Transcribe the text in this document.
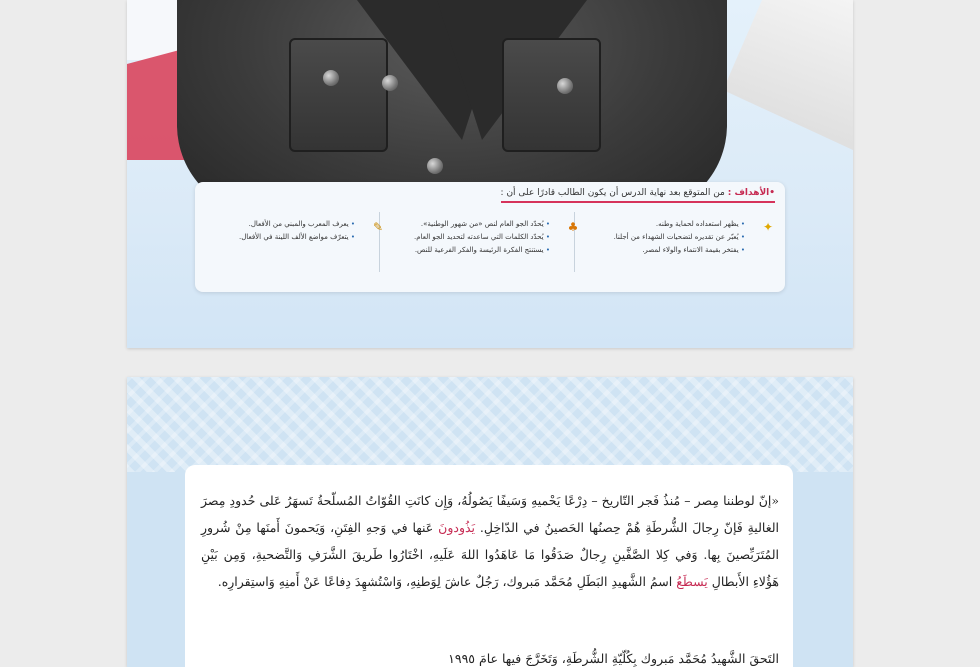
•الأهداف : من المتوقع بعد نهاية الدرس أن يكون الطالب قادرًا على أن :
✦
• يظهر استعداده لحماية وطنه.
• يُعبّر عن تقديره لتضحيات الشهداء من أجلنا.
• يفتخر بقيمة الانتماء والولاء لمصر.
♣
• يُحدّد الجو العام لنص «من شهور الوطنية».
• يُحدّد الكلمات التي ساعدته لتحديد الجو العام.
• يستنتج الفكرة الرئيسة والفكر الفرعية للنص.
✎
• يعرف المعرب والمبني من الأفعال.
• يتعرّف مواضع الألف اللينة في الأفعال.
«إنّ لوطننا مِصر – مُنذُ فَجر التّاريخ – دِرْعًا يَحْميهِ وَسَيفًا يَصُولُهُ، وَإِن كانَتِ القُوّاتُ المُسلّحةُ تَسهَرُ عَلى حُدودِ مِصرَ الغاليةِ فَإنّ رِجالَ الشُّرطَةِ هُمْ حِصنُها الحَصينُ في الدّاخِلِ. يَذُودونَ عَنها في وَجهِ الفِتَنِ، وَيَحمونَ أَمنَها مِنْ شُرورِ المُتَرَبِّصينَ بِها. وَفي كِلا الصَّفَّينِ رِجالٌ صَدَقُوا مَا عَاهَدُوا اللهَ عَلَيهِ، اخْتَارُوا طَريقَ الشَّرَفِ وَالتَّضحيةِ، وَمِن بَيْنِ هَؤُلاءِ الأَبطالِ يَسطَعُ اسمُ الشَّهيدِ البَطَلِ مُحَمَّد مَبروك، رَجُلٌ عاشَ لِوَطنِهِ، وَاسْتُشهِدَ دِفاعًا عَنْ أَمنِهِ وَاستِقرارِه.
التَحقَ الشَّهيدُ مُحَمَّد مَبروك بِكُلّيّةِ الشُّرطَةِ، وَتَخَرَّجَ فيها عامَ ١٩٩٥
